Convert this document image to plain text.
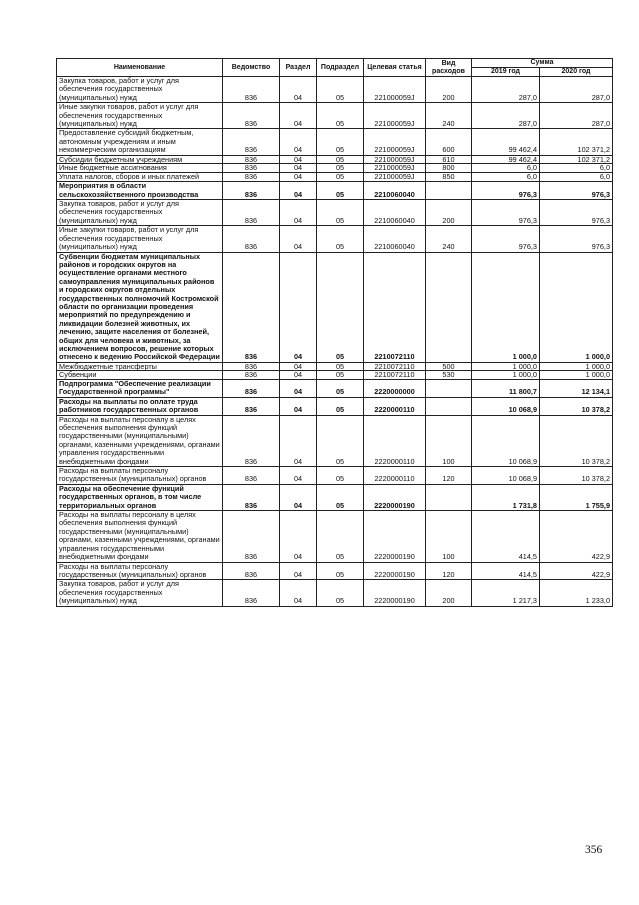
Наименование	Ведомство	Раздел	Подраздел	Целевая статья	Вид расходов	Сумма	
						2019 год	2020 год
Закупка товаров, работ и услуг для обеспечения государственных (муниципальных) нужд	836	04	05	221000059J	200	287,0	287,0
Иные закупки товаров, работ и услуг для обеспечения государственных (муниципальных) нужд	836	04	05	221000059J	240	287,0	287,0
Предоставление субсидий бюджетным, автономным учреждениям и иным некоммерческим организациям	836	04	05	221000059J	600	99 462,4	102 371,2
Субсидии бюджетным учреждениям	836	04	05	221000059J	610	99 462,4	102 371,2
Иные бюджетные ассигнования	836	04	05	221000059J	800	6,0	6,0
Уплата налогов, сборов и иных платежей	836	04	05	221000059J	850	6,0	6,0
Мероприятия в области сельскохозяйственного производства	836	04	05	2210060040		976,3	976,3
Закупка товаров, работ и услуг для обеспечения государственных (муниципальных) нужд	836	04	05	2210060040	200	976,3	976,3
Иные закупки товаров, работ и услуг для обеспечения государственных (муниципальных) нужд	836	04	05	2210060040	240	976,3	976,3
Субвенции бюджетам муниципальных районов и городских округов на осуществление органами местного самоуправления муниципальных районов и городских округов отдельных государственных полномочий Костромской области по организации проведения мероприятий по предупреждению и ликвидации болезней животных, их лечению, защите населения от болезней, общих для человека и животных, за исключением вопросов, решение которых отнесено к ведению Российской Федерации	836	04	05	2210072110		1 000,0	1 000,0
Межбюджетные трансферты	836	04	05	2210072110	500	1 000,0	1 000,0
Субвенции	836	04	05	2210072110	530	1 000,0	1 000,0
Подпрограмма "Обеспечение реализации Государственной программы"	836	04	05	2220000000		11 800,7	12 134,1
Расходы на выплаты по оплате труда работников государственных органов	836	04	05	2220000110		10 068,9	10 378,2
Расходы на выплаты персоналу в целях обеспечения выполнения функций государственными (муниципальными) органами, казенными учреждениями, органами управления государственными внебюджетными фондами	836	04	05	2220000110	100	10 068,9	10 378,2
Расходы на выплаты персоналу государственных (муниципальных) органов	836	04	05	2220000110	120	10 068,9	10 378,2
Расходы на обеспечение функций государственных органов, в том числе территориальных органов	836	04	05	2220000190		1 731,8	1 755,9
Расходы на выплаты персоналу в целях обеспечения выполнения функций государственными (муниципальными) органами, казенными учреждениями, органами управления государственными внебюджетными фондами	836	04	05	2220000190	100	414,5	422,9
Расходы на выплаты персоналу государственных (муниципальных) органов	836	04	05	2220000190	120	414,5	422,9
Закупка товаров, работ и услуг для обеспечения государственных (муниципальных) нужд	836	04	05	2220000190	200	1 217,3	1 233,0
356
